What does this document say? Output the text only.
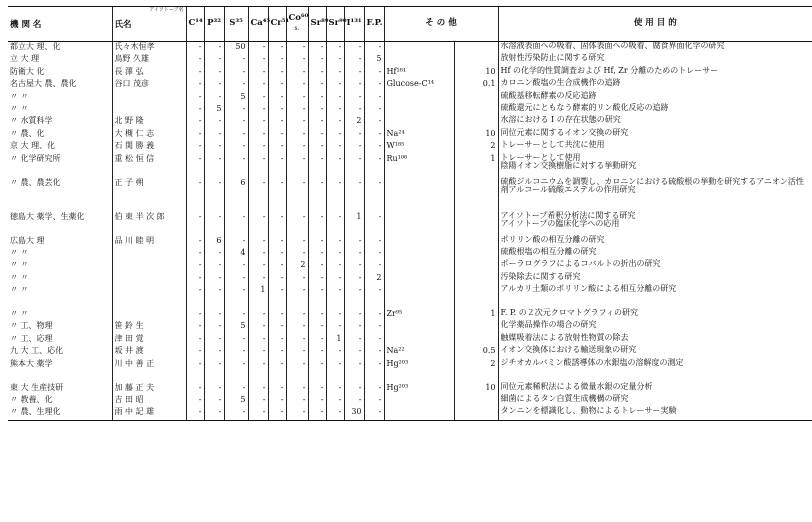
機 関 名	アイソトープ名
氏名	C¹⁴	P³²	S³⁵	Ca⁴⁵	Cr⁵¹	Co⁶⁰
s.	Sr⁸⁹	Sr⁹⁰	I¹³¹	F.P.	そ の 他		使 用 目 的
都立大 理、化	氏々木恒孝	-	-	50	-	-	-	-	-	-	-			水溶液表面への吸着、固体表面への吸着、腐食界面化学の研究
立 大 理	鳥野 久雄	-	-	-	-	-	-	-	-	-	5			放射性汚染防止に関する研究
防衛大 化	長 澤 弘	-	-	-	-	-	-	-	-	-	-	Hf¹⁸¹	10	Hf の化学的性質調査および Hf, Zr 分離のためのトレーサー
名古屋大 農、農化	谷口 茂彦	-	-	-	-	-	-	-	-	-	-	Glucose-C¹⁴	0.1	カロニン酸塩の生合成機作の追跡
〃 〃		-	-	5	-	-	-	-	-	-	-			硫酸基移転酵素の反応追跡
〃 〃		-	5	-	-	-	-	-	-	-	-			硫酸還元にともなう酵素的リン酸化反応の追跡
〃 水質科学	北 野 隆	-	-	-	-	-	-	-	-	2	-			水溶における I の存在状態の研究
〃 農、化	大 槻 仁 志	-	-	-	-	-	-	-	-	-	-	Na²⁴	10	同位元素に関するイオン交換の研究
京 大 理、化	石 関 勝 義	-	-	-	-	-	-	-	-	-	-	W¹⁸⁵	2	トレーサーとして共沈に使用
〃 化学研究所	重 松 恒 信	-	-	-	-	-	-	-	-	-	-	Ru¹⁰⁶	1	トレーサーとして使用
陰陽イオン交換樹脂に対する挙動研究
〃 農、農芸化	正 子 朔	-	-	6	-	-	-	-	-	-	-			硫酸ジルコニウムを調製し、カロニンにおける硫酸根の挙動を研究するアニオン活性剤アルコール硫酸エステルの作用研究
徳島大 薬学、生薬化	伯 東 半 次 郎	-	-	-	-	-	-	-	-	1	-			アイソトープ希釈分析法に関する研究
アイソトープの臨床化学への応用
広島大 理	品 川 睦 明	-	6	-	-	-	-	-	-	-	-			ポリリン酸の相互分離の研究
〃 〃		-	-	4	-	-	-	-	-	-	-			硫酸根塩の相互分離の研究
〃 〃		-	-	-	-	-	2	-	-	-	-			ポーラログラフによるコバルトの折出の研究
〃 〃		-	-	-	-	-	-	-	-	-	2			汚染除去に関する研究
〃 〃		-	-	-	1	-	-	-	-	-	-			アルカリ土類のポリリン酸による相互分離の研究
〃 〃		-	-	-	-	-	-	-	-	-	-	Zr⁹⁵	1	F. P. の２次元クロマトグラフィの研究
〃 工、物理	笹 鈴 生	-	-	5	-	-	-	-	-	-	-			化学薬品操作の場合の研究
〃 工、応理	津 田 覚	-	-	-	-	-	-	-	1	-	-			触媒吸着法による放射性物質の除去
九 大 工、応化	坂 井 渡	-	-	-	-	-	-	-	-	-	-	Na²²	0.5	イオン交換体における輸送現象の研究
熊本大 薬学	川 中 善 正	-	-	-	-	-	-	-	-	-	-	Hg²⁰³	2	ジチオカルバミン酸誘導体の水銀塩の溶解度の測定
東 大 生産技研	加 藤 正 夫	-	-	-	-	-	-	-	-	-	-	Hg²⁰³	10	同位元素稀釈法による微量水銀の定量分析
〃 教養、化	吉 田 昭	-	-	5	-	-	-	-	-	-	-			細菌によるタン白質生成機構の研究
〃 農、生理化	雨 中 記 雄	-	-	-	-	-	-	-	-	30	-			タンニンを標識化し、動物によるトレーサー実験
